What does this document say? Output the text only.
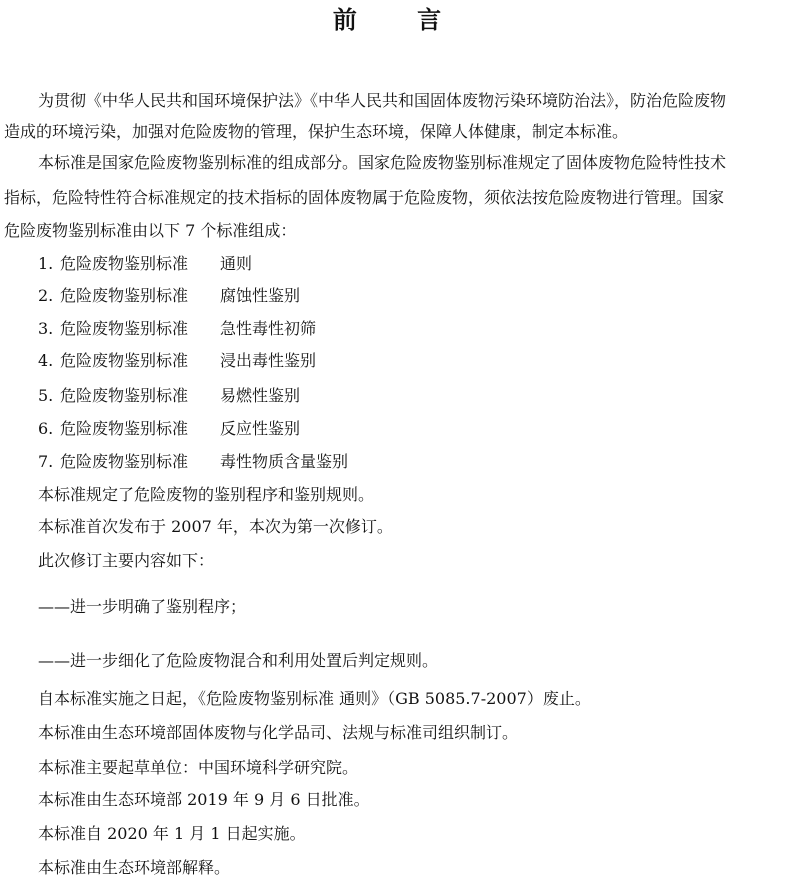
前 言
为贯彻《中华人民共和国环境保护法》《中华人民共和国固体废物污染环境防治法》，防治危险废物
造成的环境污染，加强对危险废物的管理，保护生态环境，保障人体健康，制定本标准。
本标准是国家危险废物鉴别标准的组成部分。国家危险废物鉴别标准规定了固体废物危险特性技术
指标，危险特性符合标准规定的技术指标的固体废物属于危险废物，须依法按危险废物进行管理。国家
危险废物鉴别标准由以下 7 个标准组成：
1. 危险废物鉴别标准 通则
2. 危险废物鉴别标准 腐蚀性鉴别
3. 危险废物鉴别标准 急性毒性初筛
4. 危险废物鉴别标准 浸出毒性鉴别
5. 危险废物鉴别标准 易燃性鉴别
6. 危险废物鉴别标准 反应性鉴别
7. 危险废物鉴别标准 毒性物质含量鉴别
本标准规定了危险废物的鉴别程序和鉴别规则。
本标准首次发布于 2007 年，本次为第一次修订。
此次修订主要内容如下：
——进一步明确了鉴别程序；
——进一步细化了危险废物混合和利用处置后判定规则。
自本标准实施之日起，《危险废物鉴别标准 通则》（GB 5085.7-2007）废止。
本标准由生态环境部固体废物与化学品司、法规与标准司组织制订。
本标准主要起草单位：中国环境科学研究院。
本标准由生态环境部 2019 年 9 月 6 日批准。
本标准自 2020 年 1 月 1 日起实施。
本标准由生态环境部解释。
